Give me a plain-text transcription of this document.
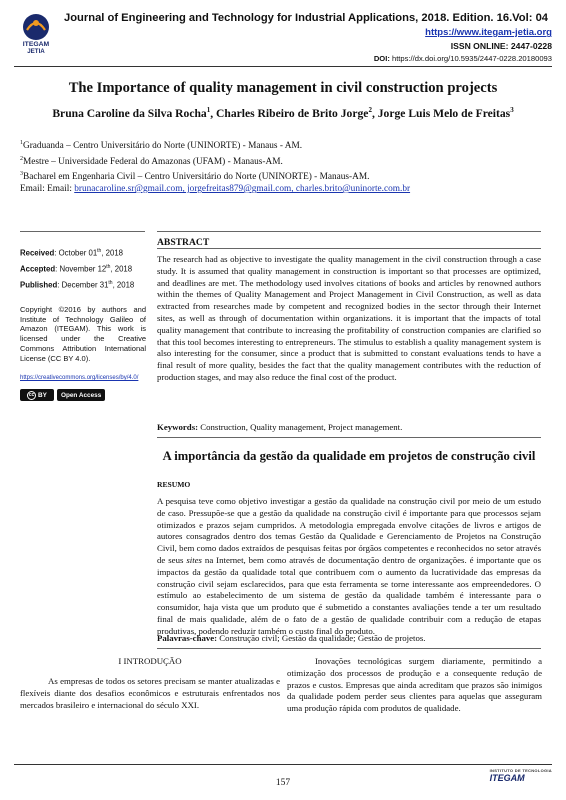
ITEGAM
JETIA
Journal of Engineering and Technology for Industrial Applications, 2018. Edition. 16.Vol: 04
https://www.itegam-jetia.org
ISSN ONLINE: 2447-0228
DOI: https://dx.doi.org/10.5935/2447-0228.20180093
The Importance of quality management in civil construction projects
Bruna Caroline da Silva Rocha$^1$, Charles Ribeiro de Brito Jorge$^2$, Jorge Luis Melo de Freitas$^3$
$^1$Graduanda – Centro Universitário do Norte (UNINORTE) - Manaus - AM.
$^2$Mestre – Universidade Federal do Amazonas (UFAM) - Manaus-AM.
$^3$Bacharel em Engenharia Civil – Centro Universitário do Norte (UNINORTE) - Manaus-AM.
Email: Email: brunacaroline.sr@gmail.com, jorgefreitas879@gmail.com, charles.brito@uninorte.com.br
Received: October 01th, 2018
Accepted: November 12th, 2018
Published: December 31th, 2018
Copyright ©2016 by authors and Institute of Technology Galileo of Amazon (ITEGAM). This work is licensed under the Creative Commons Attribution International License (CC BY 4.0).
https://creativecommons.org/licenses/by/4.0/
cc BY Open Access
ABSTRACT
The research had as objective to investigate the quality management in the civil construction through a case study. It is assumed that quality management in construction is important so that processes are optimized, and deadlines are met. The methodology used involves citations of books and articles by renowned authors within the themes of Quality Management and Project Management in Civil Construction, as well as data extracted from researches made by competent and recognized bodies in the sector through their Internet sites, as well as through of documentation within organizations. it is important that the impacts of total quality management that contribute to increasing the profitability of construction companies are clarified so that this tool becomes interesting to entrepreneurs. The stimulus to establish a quality management system is also interesting for the consumer, since a product that is submitted to constant evaluations tends to have a final result of more quality, besides the fact that the quality management contributes with the reduction of production stages, and may also reduce the final cost of the product.
Keywords: Construction, Quality management, Project management.
A importância da gestão da qualidade em projetos de construção civil
RESUMO
A pesquisa teve como objetivo investigar a gestão da qualidade na construção civil por meio de um estudo de caso. Pressupõe-se que a gestão da qualidade na construção civil é importante para que processos sejam otimizados e prazos sejam cumpridos. A metodologia empregada envolve citações de livros e artigos de autores consagrados dentro dos temas Gestão da Qualidade e Gerenciamento de Projetos na Construção Civil, bem como dados extraídos de pesquisas feitas por órgãos competentes e reconhecidos no setor através de seus sites na Internet, bem como através de documentação dentro de organizações. é importante que os impactos da gestão da qualidade total que contribuem com o aumento da lucratividade das empresas da construção civil sejam esclarecidos, para que esta ferramenta se torne interessante aos empreendedores. O estímulo ao estabelecimento de um sistema de gestão da qualidade também é interessante para o consumidor, haja vista que um produto que é submetido a constantes avaliações tende a ter um resultado final de mais qualidade, além de o fato de a gestão de qualidade contribuir com a redução de etapas produtivas, podendo reduzir também o custo final do produto.
Palavras-chave: Construção civil; Gestão da qualidade; Gestão de projetos.
I INTRODUÇÃO
As empresas de todos os setores precisam se manter atualizadas e flexíveis diante dos desafios econômicos e estruturais enfrentados nos mercados brasileiro e internacional do século XXI.
Inovações tecnológicas surgem diariamente, permitindo a otimização dos processos de produção e a consequente redução de prazos e custos. Empresas que ainda acreditam que prazos são inimigos da qualidade podem perder seus clientes para aquelas que asseguram uma produção rápida com produtos de qualidade.
157
INSTITUTO DE TECNOLOGIA
ITEGAM
